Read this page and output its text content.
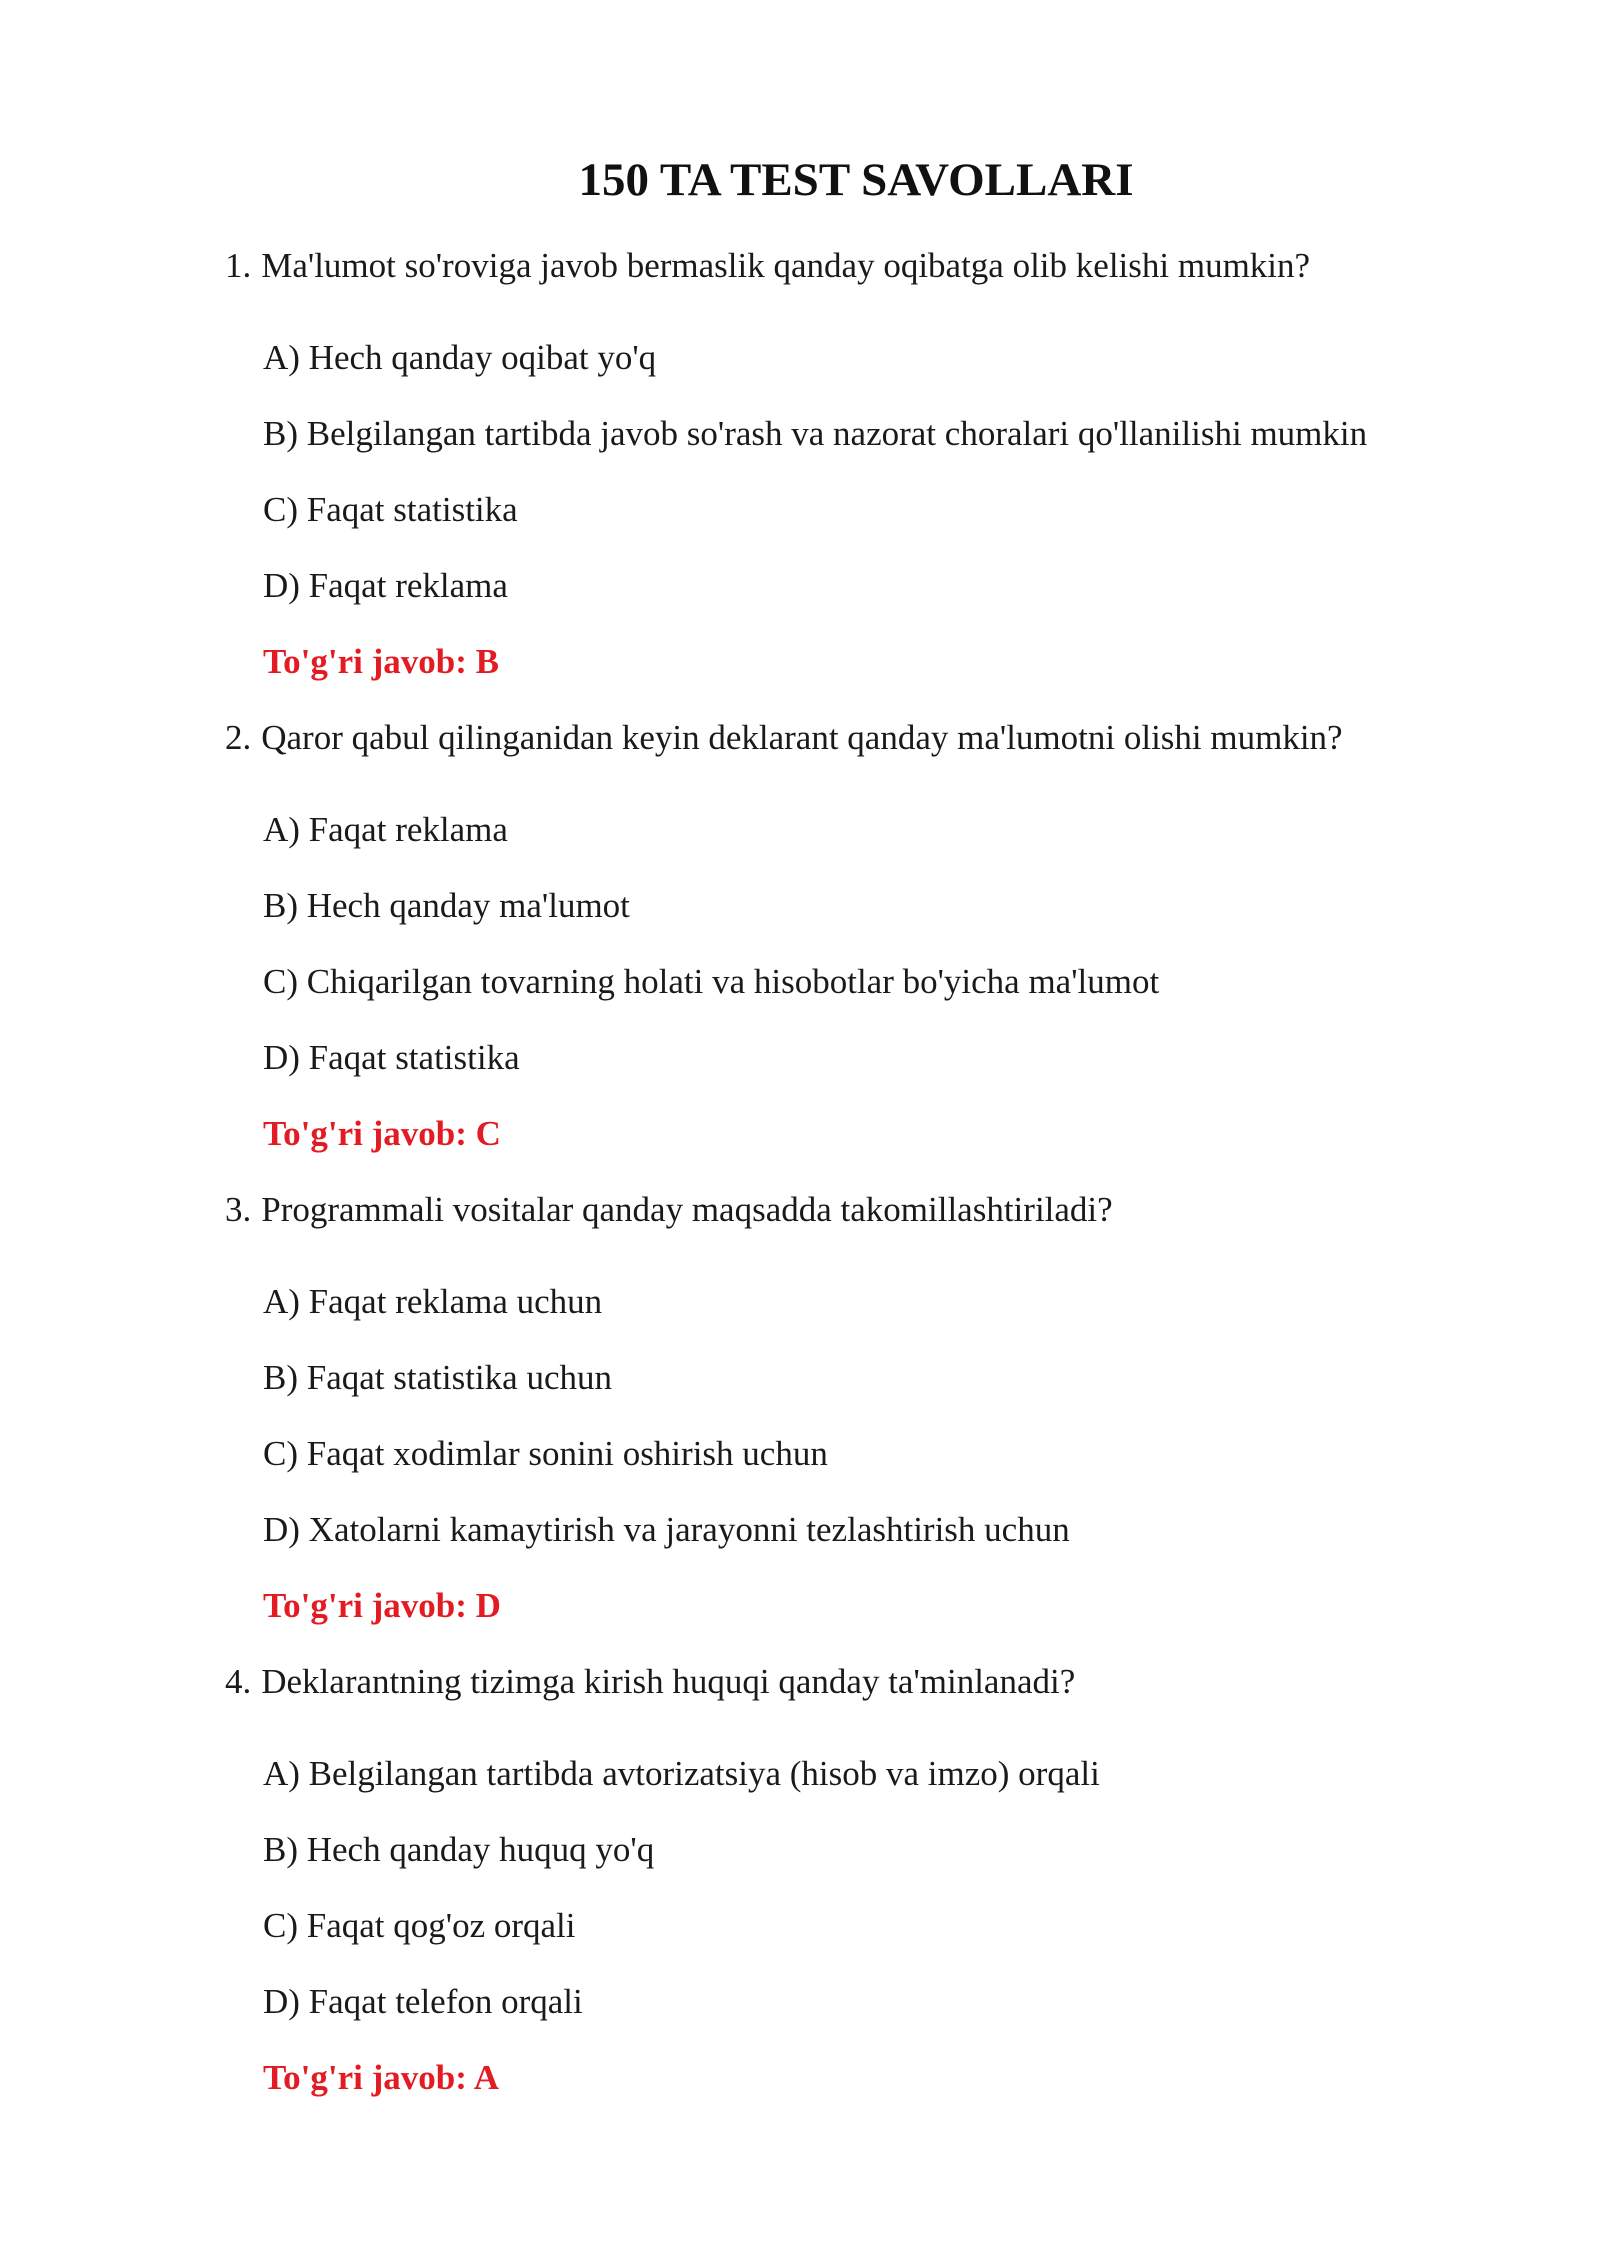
150 TA TEST SAVOLLARI
1. Ma'lumot so'roviga javob bermaslik qanday oqibatga olib kelishi mumkin?
A) Hech qanday oqibat yo'q
B) Belgilangan tartibda javob so'rash va nazorat choralari qo'llanilishi mumkin
C) Faqat statistika
D) Faqat reklama
To'g'ri javob: B
2. Qaror qabul qilinganidan keyin deklarant qanday ma'lumotni olishi mumkin?
A) Faqat reklama
B) Hech qanday ma'lumot
C) Chiqarilgan tovarning holati va hisobotlar bo'yicha ma'lumot
D) Faqat statistika
To'g'ri javob: C
3. Programmali vositalar qanday maqsadda takomillashtiriladi?
A) Faqat reklama uchun
B) Faqat statistika uchun
C) Faqat xodimlar sonini oshirish uchun
D) Xatolarni kamaytirish va jarayonni tezlashtirish uchun
To'g'ri javob: D
4. Deklarantning tizimga kirish huquqi qanday ta'minlanadi?
A) Belgilangan tartibda avtorizatsiya (hisob va imzo) orqali
B) Hech qanday huquq yo'q
C) Faqat qog'oz orqali
D) Faqat telefon orqali
To'g'ri javob: A
